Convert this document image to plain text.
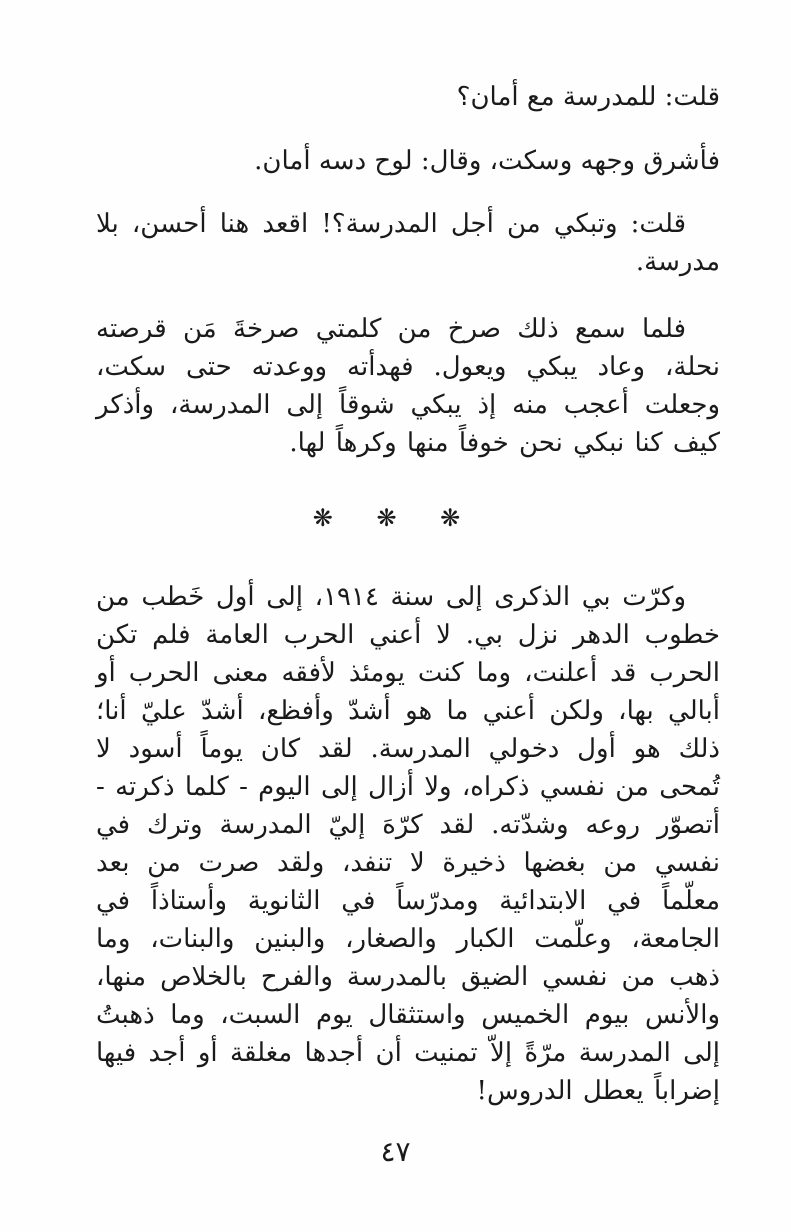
قلت: للمدرسة مع أمان؟
فأشرق وجهه وسكت، وقال: لوح دسه أمان.

قلت: وتبكي من أجل المدرسة؟! اقعد هنا أحسن، بلا مدرسة.

فلما سمع ذلك صرخ من كلمتي صرخةَ مَن قرصته نحلة، وعاد يبكي ويعول. فهدأته ووعدته حتى سكت، وجعلت أعجب منه إذ يبكي شوقاً إلى المدرسة، وأذكر كيف كنا نبكي نحن خوفاً منها وكرهاً لها.

❋ ❋ ❋

وكرّت بي الذكرى إلى سنة ١٩١٤، إلى أول خَطب من خطوب الدهر نزل بي. لا أعني الحرب العامة فلم تكن الحرب قد أعلنت، وما كنت يومئذ لأفقه معنى الحرب أو أبالي بها، ولكن أعني ما هو أشدّ وأفظع، أشدّ عليّ أنا؛ ذلك هو أول دخولي المدرسة. لقد كان يوماً أسود لا تُمحى من نفسي ذكراه، ولا أزال إلى اليوم - كلما ذكرته - أتصوّر روعه وشدّته. لقد كرّهَ إليّ المدرسة وترك في نفسي من بغضها ذخيرة لا تنفد، ولقد صرت من بعد معلّماً في الابتدائية ومدرّساً في الثانوية وأستاذاً في الجامعة، وعلّمت الكبار والصغار، والبنين والبنات، وما ذهب من نفسي الضيق بالمدرسة والفرح بالخلاص منها، والأنس بيوم الخميس واستثقال يوم السبت، وما ذهبتُ إلى المدرسة مرّةً إلاّ تمنيت أن أجدها مغلقة أو أجد فيها إضراباً يعطل الدروس!

٤٧
